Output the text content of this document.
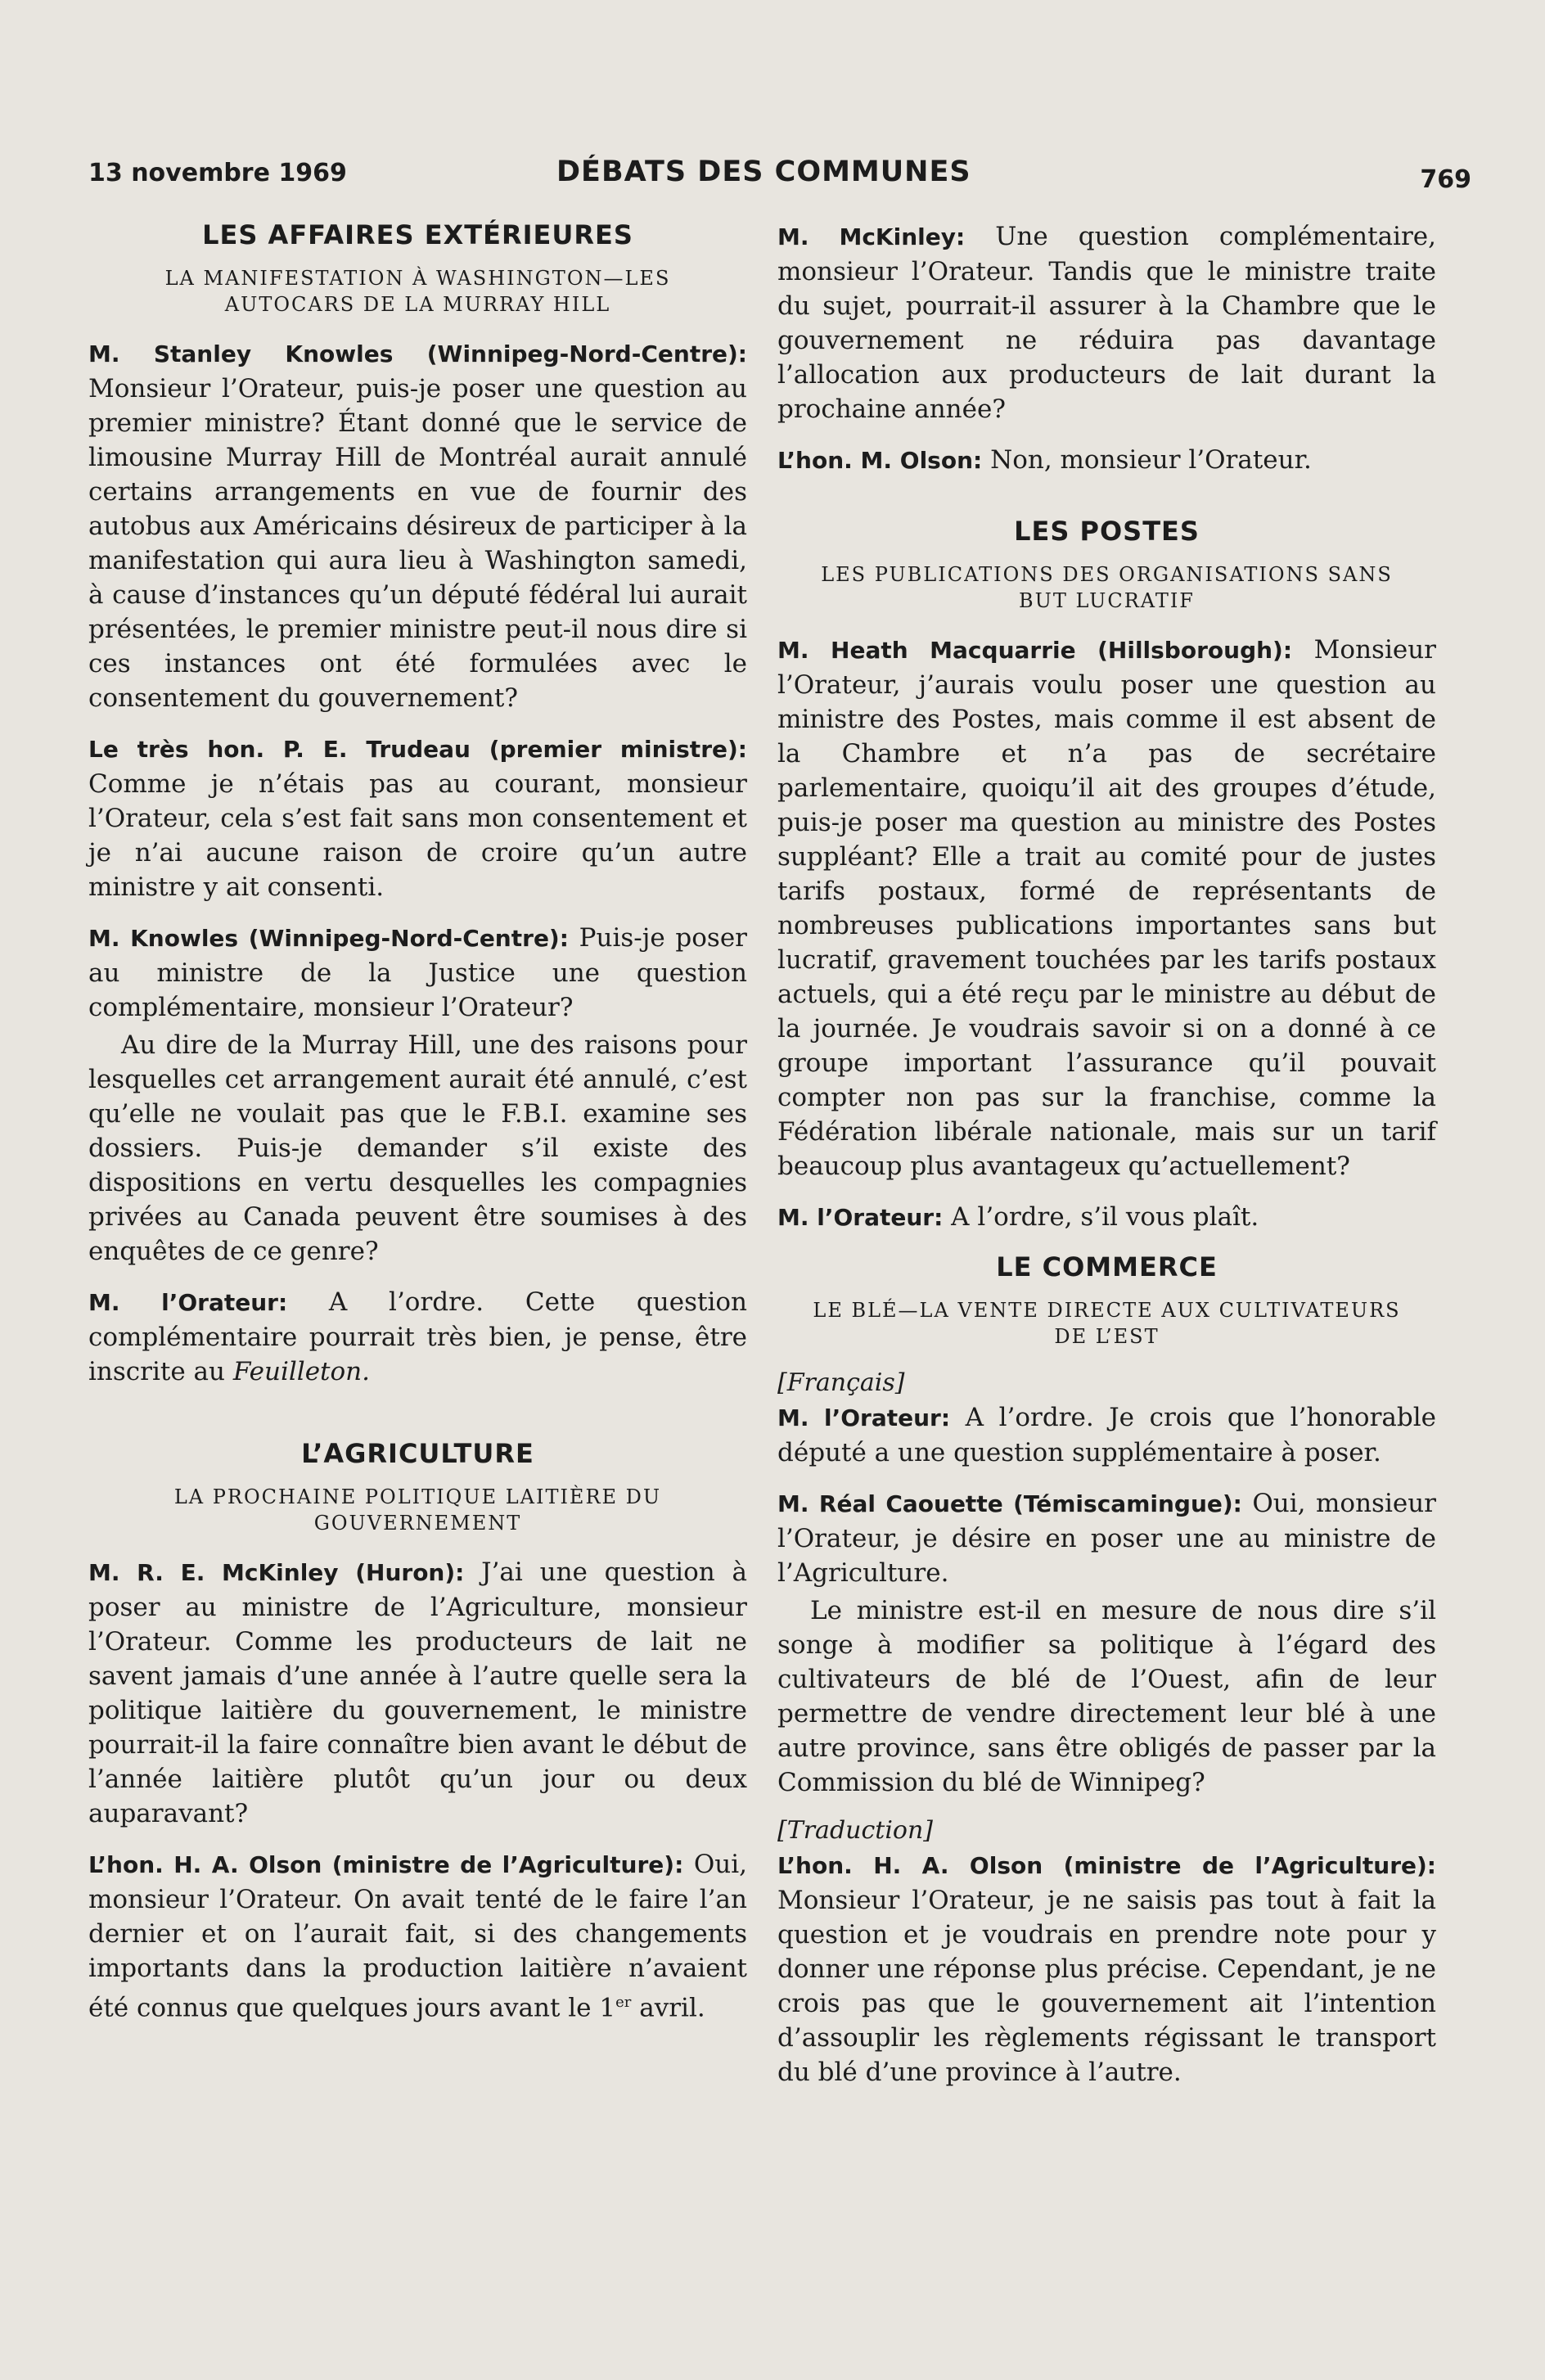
13 novembre 1969	DÉBATS DES COMMUNES	769
LES AFFAIRES EXTÉRIEURES
LA MANIFESTATION À WASHINGTON—LES AUTOCARS DE LA MURRAY HILL

M. Stanley Knowles (Winnipeg-Nord-Centre): Monsieur l’Orateur, puis-je poser une question au premier ministre? Étant donné que le service de limousine Murray Hill de Montréal aurait annulé certains arrangements en vue de fournir des autobus aux Américains désireux de participer à la manifestation qui aura lieu à Washington samedi, à cause d’instances qu’un député fédéral lui aurait présentées, le premier ministre peut-il nous dire si ces instances ont été formulées avec le consentement du gouvernement?

Le très hon. P. E. Trudeau (premier ministre): Comme je n’étais pas au courant, monsieur l’Orateur, cela s’est fait sans mon consentement et je n’ai aucune raison de croire qu’un autre ministre y ait consenti.

M. Knowles (Winnipeg-Nord-Centre): Puis-je poser au ministre de la Justice une question complémentaire, monsieur l’Orateur?

Au dire de la Murray Hill, une des raisons pour lesquelles cet arrangement aurait été annulé, c’est qu’elle ne voulait pas que le F.B.I. examine ses dossiers. Puis-je demander s’il existe des dispositions en vertu desquelles les compagnies privées au Canada peuvent être soumises à des enquêtes de ce genre?

M. l’Orateur: A l’ordre. Cette question complémentaire pourrait très bien, je pense, être inscrite au Feuilleton.

L’AGRICULTURE
LA PROCHAINE POLITIQUE LAITIÈRE DU GOUVERNEMENT

M. R. E. McKinley (Huron): J’ai une question à poser au ministre de l’Agriculture, monsieur l’Orateur. Comme les producteurs de lait ne savent jamais d’une année à l’autre quelle sera la politique laitière du gouvernement, le ministre pourrait-il la faire connaître bien avant le début de l’année laitière plutôt qu’un jour ou deux auparavant?

L’hon. H. A. Olson (ministre de l’Agriculture): Oui, monsieur l’Orateur. On avait tenté de le faire l’an dernier et on l’aurait fait, si des changements importants dans la production laitière n’avaient été connus que quelques jours avant le 1er avril.

M. McKinley: Une question complémentaire, monsieur l’Orateur. Tandis que le ministre traite du sujet, pourrait-il assurer à la Chambre que le gouvernement ne réduira pas davantage l’allocation aux producteurs de lait durant la prochaine année?

L’hon. M. Olson: Non, monsieur l’Orateur.

LES POSTES
LES PUBLICATIONS DES ORGANISATIONS SANS BUT LUCRATIF

M. Heath Macquarrie (Hillsborough): Monsieur l’Orateur, j’aurais voulu poser une question au ministre des Postes, mais comme il est absent de la Chambre et n’a pas de secrétaire parlementaire, quoiqu’il ait des groupes d’étude, puis-je poser ma question au ministre des Postes suppléant? Elle a trait au comité pour de justes tarifs postaux, formé de représentants de nombreuses publications importantes sans but lucratif, gravement touchées par les tarifs postaux actuels, qui a été reçu par le ministre au début de la journée. Je voudrais savoir si on a donné à ce groupe important l’assurance qu’il pouvait compter non pas sur la franchise, comme la Fédération libérale nationale, mais sur un tarif beaucoup plus avantageux qu’actuellement?

M. l’Orateur: A l’ordre, s’il vous plaît.

LE COMMERCE
LE BLÉ—LA VENTE DIRECTE AUX CULTIVATEURS DE L’EST
[Français]

M. l’Orateur: A l’ordre. Je crois que l’honorable député a une question supplémentaire à poser.

M. Réal Caouette (Témiscamingue): Oui, monsieur l’Orateur, je désire en poser une au ministre de l’Agriculture.

Le ministre est-il en mesure de nous dire s’il songe à modifier sa politique à l’égard des cultivateurs de blé de l’Ouest, afin de leur permettre de vendre directement leur blé à une autre province, sans être obligés de passer par la Commission du blé de Winnipeg?

[Traduction]

L’hon. H. A. Olson (ministre de l’Agriculture): Monsieur l’Orateur, je ne saisis pas tout à fait la question et je voudrais en prendre note pour y donner une réponse plus précise. Cependant, je ne crois pas que le gouvernement ait l’intention d’assouplir les règlements régissant le transport du blé d’une province à l’autre.
